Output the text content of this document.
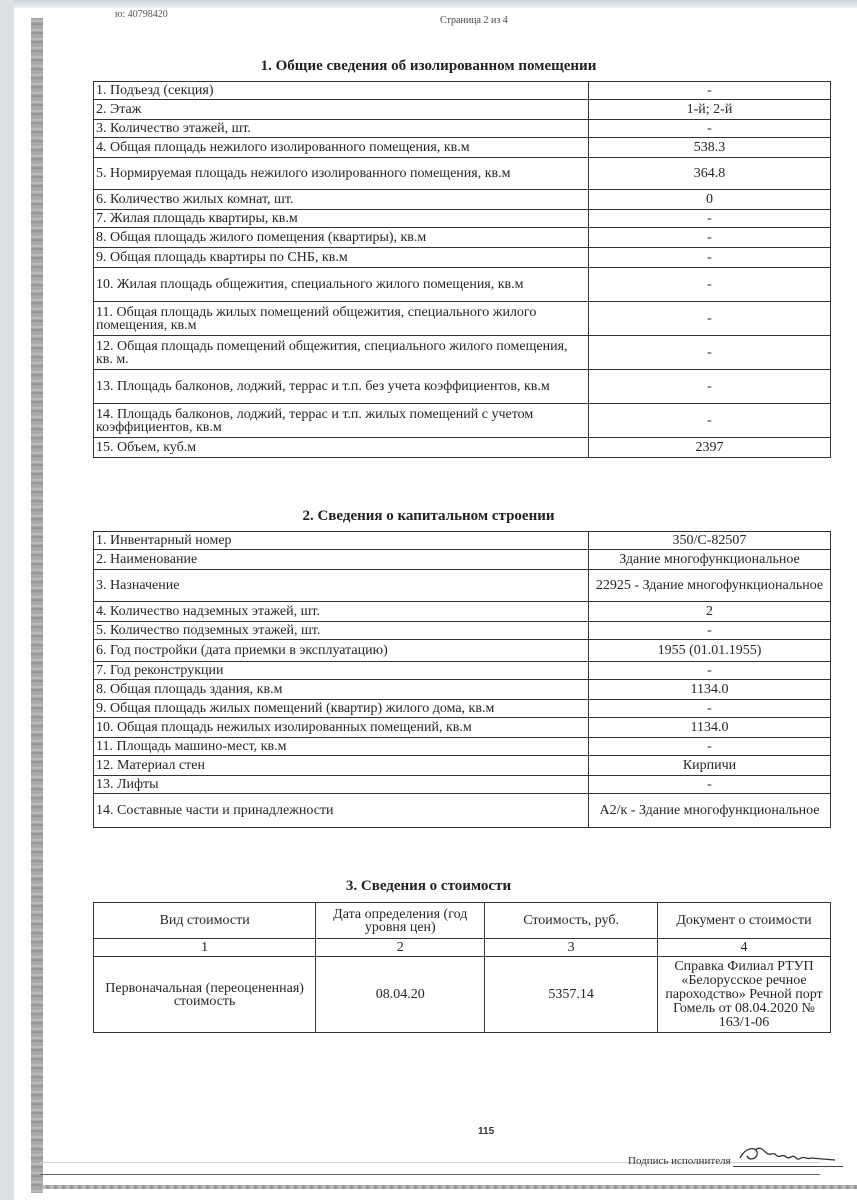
ю: 40798420
Страница 2 из 4
1. Общие сведения об изолированном помещении
1. Подъезд (секция)	-
2. Этаж	1-й; 2-й
3. Количество этажей, шт.	-
4. Общая площадь нежилого изолированного помещения, кв.м	538.3
5. Нормируемая площадь нежилого изолированного помещения, кв.м	364.8
6. Количество жилых комнат, шт.	0
7. Жилая площадь квартиры, кв.м	-
8. Общая площадь жилого помещения (квартиры), кв.м	-
9. Общая площадь квартиры по СНБ, кв.м	-
10. Жилая площадь общежития, специального жилого помещения, кв.м	-
11. Общая площадь жилых помещений общежития, специального жилого помещения, кв.м	-
12. Общая площадь помещений общежития, специального жилого помещения, кв. м.	-
13. Площадь балконов, лоджий, террас и т.п. без учета коэффициентов, кв.м	-
14. Площадь балконов, лоджий, террас и т.п. жилых помещений с учетом коэффициентов, кв.м	-
15. Объем, куб.м	2397
2. Сведения о капитальном строении
1. Инвентарный номер	350/С-82507
2. Наименование	Здание многофункциональное
3. Назначение	22925 - Здание многофункциональное
4. Количество надземных этажей, шт.	2
5. Количество подземных этажей, шт.	-
6. Год постройки (дата приемки в эксплуатацию)	1955 (01.01.1955)
7. Год реконструкции	-
8. Общая площадь здания, кв.м	1134.0
9. Общая площадь жилых помещений (квартир) жилого дома, кв.м	-
10. Общая площадь нежилых изолированных помещений, кв.м	1134.0
11. Площадь машино-мест, кв.м	-
12. Материал стен	Кирпичи
13. Лифты	-
14. Составные части и принадлежности	А2/к - Здание многофункциональное
3. Сведения о стоимости
Вид стоимости	Дата определения (год уровня цен)	Стоимость, руб.	Документ о стоимости
1	2	3	4
Первоначальная (переоцененная) стоимость	08.04.20	5357.14	Справка Филиал РТУП «Белорусское речное пароходство» Речной порт Гомель от 08.04.2020 № 163/1-06
115
Подпись исполнителя
